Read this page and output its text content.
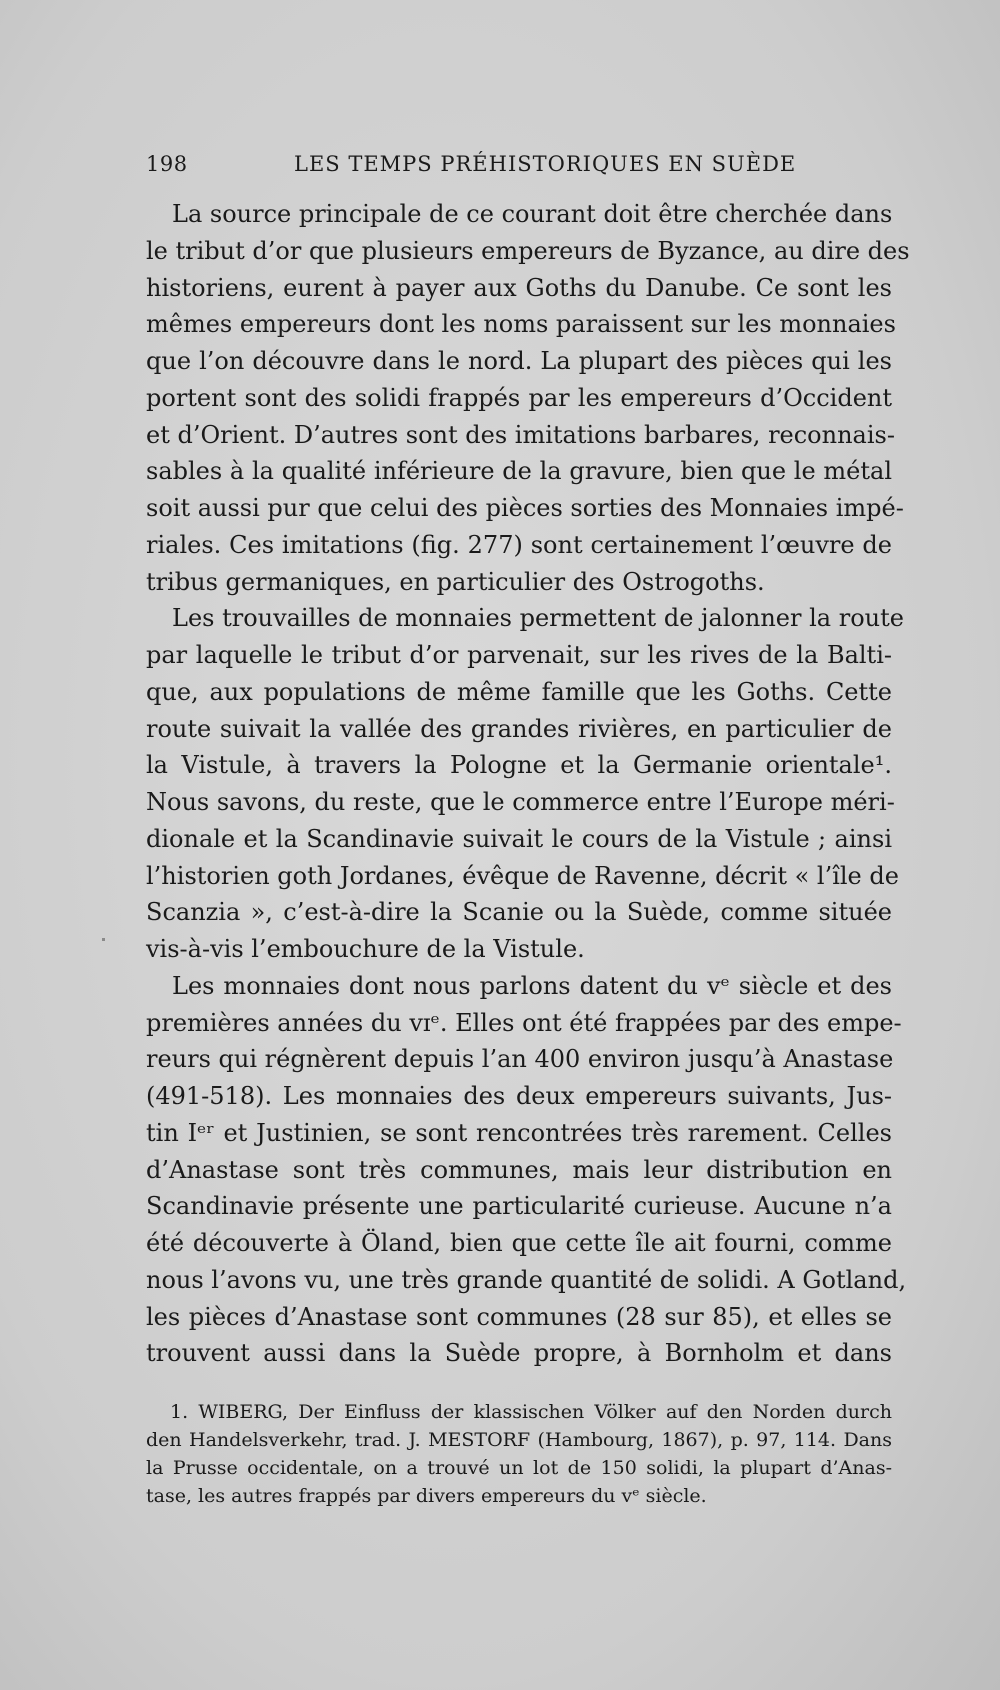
198	LES TEMPS PRÉHISTORIQUES EN SUÈDE
La source principale de ce courant doit être cherchée dans
le tribut d’or que plusieurs empereurs de Byzance, au dire des
historiens, eurent à payer aux Goths du Danube. Ce sont les
mêmes empereurs dont les noms paraissent sur les monnaies
que l’on découvre dans le nord. La plupart des pièces qui les
portent sont des solidi frappés par les empereurs d’Occident
et d’Orient. D’autres sont des imitations barbares, reconnais-
sables à la qualité inférieure de la gravure, bien que le métal
soit aussi pur que celui des pièces sorties des Monnaies impé-
riales. Ces imitations (fig. 277) sont certainement l’œuvre de
tribus germaniques, en particulier des Ostrogoths.
Les trouvailles de monnaies permettent de jalonner la route
par laquelle le tribut d’or parvenait, sur les rives de la Balti-
que, aux populations de même famille que les Goths. Cette
route suivait la vallée des grandes rivières, en particulier de
la Vistule, à travers la Pologne et la Germanie orientale¹.
Nous savons, du reste, que le commerce entre l’Europe méri-
dionale et la Scandinavie suivait le cours de la Vistule ; ainsi
l’historien goth Jordanes, évêque de Ravenne, décrit « l’île de
Scanzia », c’est-à-dire la Scanie ou la Suède, comme située
vis-à-vis l’embouchure de la Vistule.
Les monnaies dont nous parlons datent du vᵉ siècle et des
premières années du vɪᵉ. Elles ont été frappées par des empe-
reurs qui régnèrent depuis l’an 400 environ jusqu’à Anastase
(491-518). Les monnaies des deux empereurs suivants, Jus-
tin Iᵉʳ et Justinien, se sont rencontrées très rarement. Celles
d’Anastase sont très communes, mais leur distribution en
Scandinavie présente une particularité curieuse. Aucune n’a
été découverte à Öland, bien que cette île ait fourni, comme
nous l’avons vu, une très grande quantité de solidi. A Gotland,
les pièces d’Anastase sont communes (28 sur 85), et elles se
trouvent aussi dans la Suède propre, à Bornholm et dans
1. WIBERG, Der Einfluss der klassischen Völker auf den Norden durch
den Handelsverkehr, trad. J. MESTORF (Hambourg, 1867), p. 97, 114. Dans
la Prusse occidentale, on a trouvé un lot de 150 solidi, la plupart d’Anas-
tase, les autres frappés par divers empereurs du vᵉ siècle.
